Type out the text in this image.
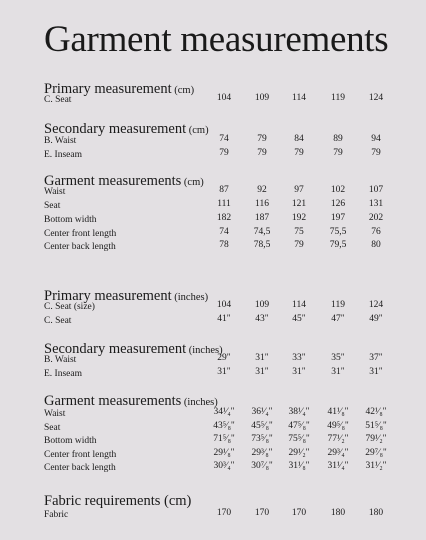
Garment measurements
Primary measurement (cm)
C. Seat	104	109	114	119	124
Secondary measurement (cm)
B. Waist	74	79	84	89	94
E. Inseam	79	79	79	79	79
Garment measurements (cm)
Waist	87	92	97	102	107
Seat	111	116	121	126	131
Bottom width	182	187	192	197	202
Center front length	74	74,5	75	75,5	76
Center back length	78	78,5	79	79,5	80
Primary measurement (inches)
C. Seat (size)	104	109	114	119	124
C. Seat	41"	43"	45"	47"	49"
Secondary measurement (inches)
B. Waist	29"	31"	33"	35"	37"
E. Inseam	31"	31"	31"	31"	31"
Garment measurements (inches)
Waist	34¹⁄₄"	36¹⁄₄"	38¹⁄₄"	41¹⁄₈"	42¹⁄₈"
Seat	43⁵⁄₈"	45⁵⁄₈"	47⁵⁄₈"	49⁵⁄₈"	51⁵⁄₈"
Bottom width	71⁵⁄₈"	73⁵⁄₈"	75⁵⁄₈"	77¹⁄₂"	79¹⁄₂"
Center front length	29¹⁄₈"	29³⁄₈"	29¹⁄₂"	29³⁄₄"	29⁷⁄₈"
Center back length	30³⁄₄"	30⁷⁄₈"	31¹⁄₈"	31¹⁄₄"	31¹⁄₂"
Fabric requirements (cm)
Fabric	170	170	170	180	180
